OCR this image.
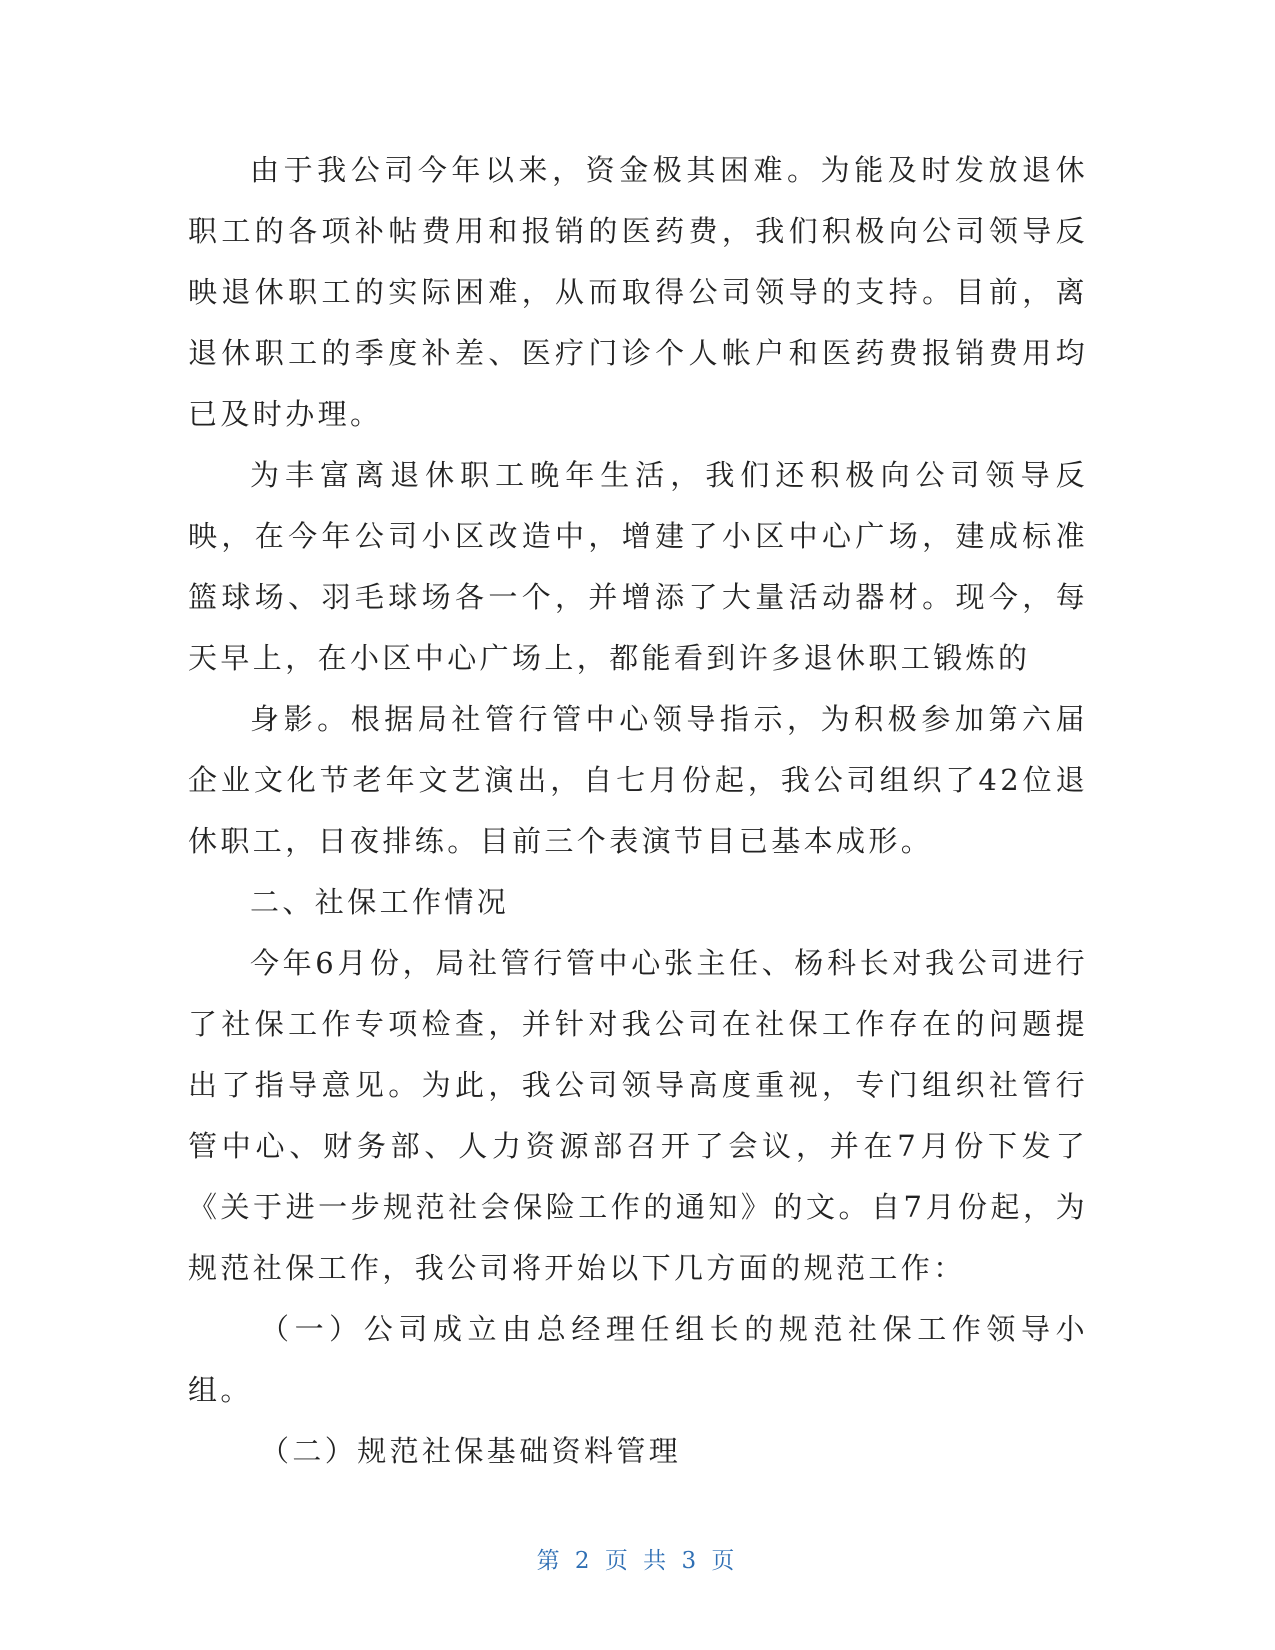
由于我公司今年以来，资金极其困难。为能及时发放退休职工的各项补帖费用和报销的医药费，我们积极向公司领导反映退休职工的实际困难，从而取得公司领导的支持。目前，离退休职工的季度补差、医疗门诊个人帐户和医药费报销费用均已及时办理。

为丰富离退休职工晚年生活，我们还积极向公司领导反映，在今年公司小区改造中，增建了小区中心广场，建成标准篮球场、羽毛球场各一个，并增添了大量活动器材。现今，每天早上，在小区中心广场上，都能看到许多退休职工锻炼的

身影。根据局社管行管中心领导指示，为积极参加第六届企业文化节老年文艺演出，自七月份起，我公司组织了42位退休职工，日夜排练。目前三个表演节目已基本成形。

二、社保工作情况

今年6月份，局社管行管中心张主任、杨科长对我公司进行了社保工作专项检查，并针对我公司在社保工作存在的问题提出了指导意见。为此，我公司领导高度重视，专门组织社管行管中心、财务部、人力资源部召开了会议，并在7月份下发了《关于进一步规范社会保险工作的通知》的文。自7月份起，为规范社保工作，我公司将开始以下几方面的规范工作：

（一）公司成立由总经理任组长的规范社保工作领导小组。

（二）规范社保基础资料管理

第 2 页 共 3 页
